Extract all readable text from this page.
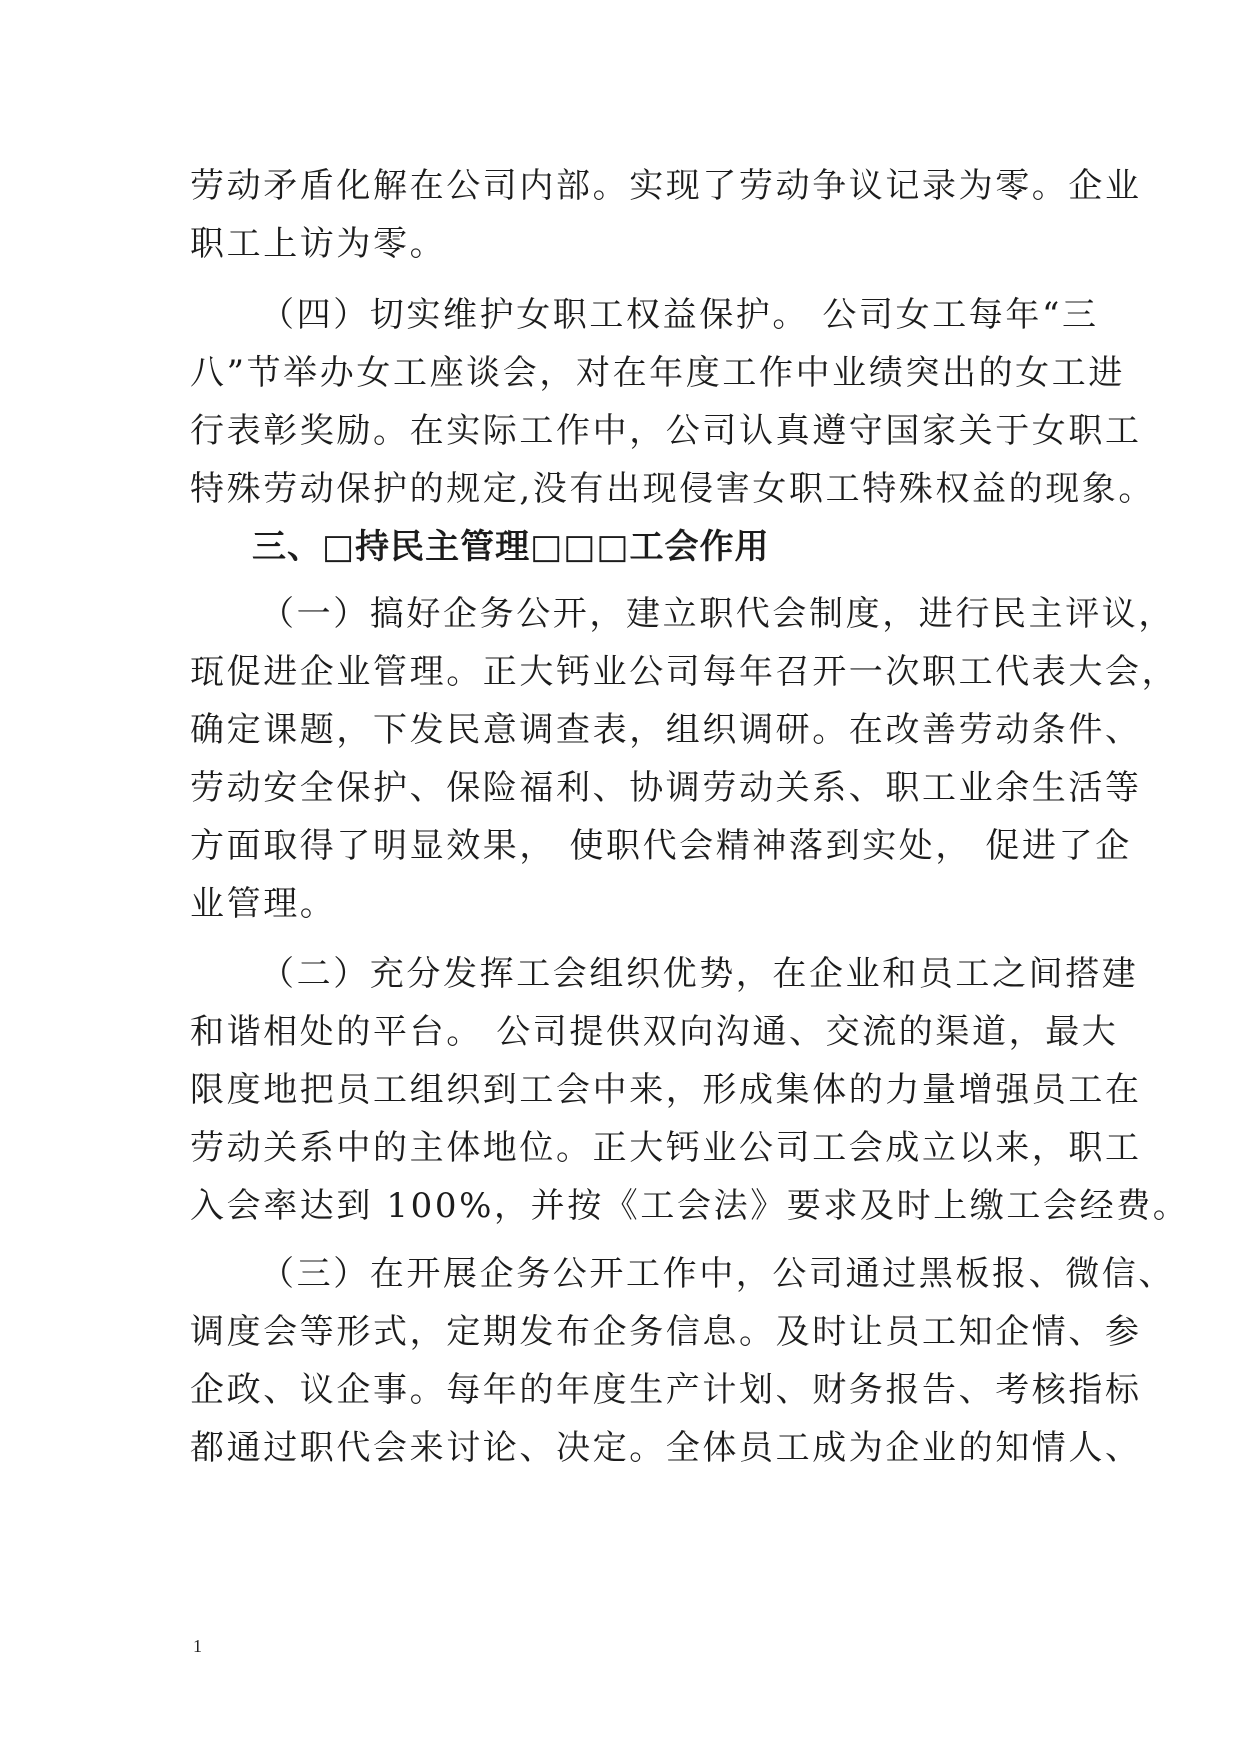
劳动矛盾化解在公司内部。实现了劳动争议记录为零。企业
职工上访为零。
（四）切实维护女职工权益保护。 公司女工每年“三
八”节举办女工座谈会，对在年度工作中业绩突出的女工进
行表彰奖励。在实际工作中，公司认真遵守国家关于女职工
特殊劳动保护的规定,没有出现侵害女职工特殊权益的现象。
三、□持民主管理□□□工会作用
（一）搞好企务公开，建立职代会制度，进行民主评议，
珁促进企业管理。正大钙业公司每年召开一次职工代表大会，
确定课题，下发民意调查表，组织调研。在改善劳动条件、
劳动安全保护、保险福利、协调劳动关系、职工业余生活等
方面取得了明显效果， 使职代会精神落到实处， 促进了企
业管理。
（二）充分发挥工会组织优势，在企业和员工之间搭建
和谐相处的平台。 公司提供双向沟通、交流的渠道，最大
限度地把员工组织到工会中来，形成集体的力量增强员工在
劳动关系中的主体地位。正大钙业公司工会成立以来，职工
入会率达到 100%，并按《工会法》要求及时上缴工会经费。
（三）在开展企务公开工作中，公司通过黑板报、微信、
调度会等形式，定期发布企务信息。及时让员工知企情、参
企政、议企事。每年的年度生产计划、财务报告、考核指标
都通过职代会来讨论、决定。全体员工成为企业的知情人、
1
